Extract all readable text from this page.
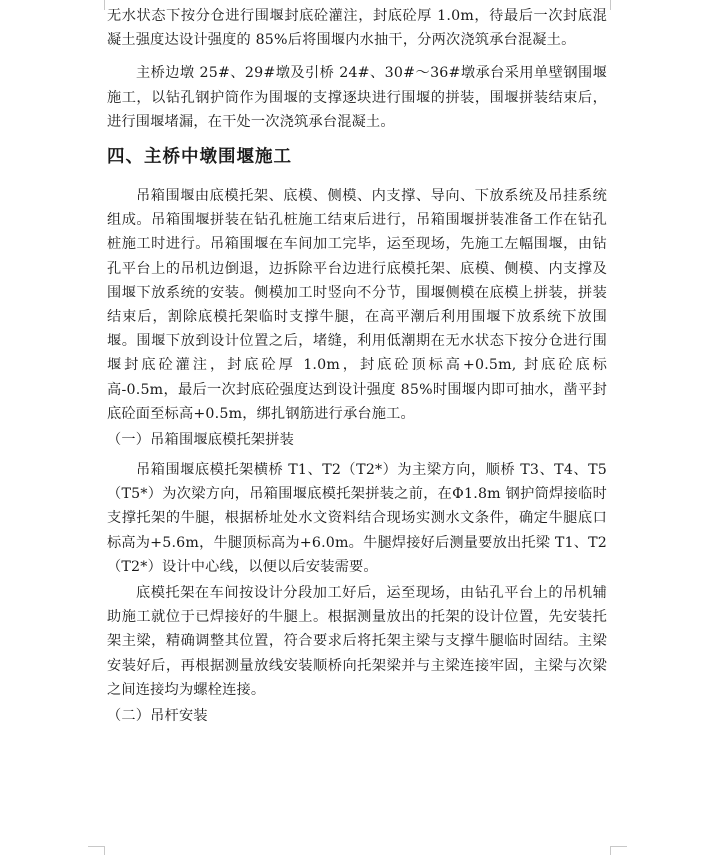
无水状态下按分仓进行围堰封底砼灌注，封底砼厚 1.0m，待最后一次封底混凝土强度达设计强度的 85%后将围堰内水抽干，分两次浇筑承台混凝土。

主桥边墩 25#、29#墩及引桥 24#、30#～36#墩承台采用单壁钢围堰施工，以钻孔钢护筒作为围堰的支撑逐块进行围堰的拼装，围堰拼装结束后，进行围堰堵漏，在干处一次浇筑承台混凝土。

四、主桥中墩围堰施工

吊箱围堰由底模托架、底模、侧模、内支撑、导向、下放系统及吊挂系统组成。吊箱围堰拼装在钻孔桩施工结束后进行，吊箱围堰拼装准备工作在钻孔桩施工时进行。吊箱围堰在车间加工完毕，运至现场，先施工左幅围堰，由钻孔平台上的吊机边倒退，边拆除平台边进行底模托架、底模、侧模、内支撑及围堰下放系统的安装。侧模加工时竖向不分节，围堰侧模在底模上拼装，拼装结束后，割除底模托架临时支撑牛腿，在高平潮后利用围堰下放系统下放围堰。围堰下放到设计位置之后，堵缝，利用低潮期在无水状态下按分仓进行围堰封底砼灌注，封底砼厚 1.0m，封底砼顶标高+0.5m, 封底砼底标高-0.5m，最后一次封底砼强度达到设计强度 85%时围堰内即可抽水，凿平封底砼面至标高+0.5m，绑扎钢筋进行承台施工。

（一）吊箱围堰底模托架拼装

吊箱围堰底模托架横桥 T1、T2（T2*）为主梁方向，顺桥 T3、T4、T5（T5*）为次梁方向，吊箱围堰底模托架拼装之前，在Φ1.8m 钢护筒焊接临时支撑托架的牛腿，根据桥址处水文资料结合现场实测水文条件，确定牛腿底口标高为+5.6m，牛腿顶标高为+6.0m。牛腿焊接好后测量要放出托梁 T1、T2（T2*）设计中心线，以便以后安装需要。

底模托架在车间按设计分段加工好后，运至现场，由钻孔平台上的吊机辅助施工就位于已焊接好的牛腿上。根据测量放出的托架的设计位置，先安装托架主梁，精确调整其位置，符合要求后将托架主梁与支撑牛腿临时固结。主梁安装好后，再根据测量放线安装顺桥向托架梁并与主梁连接牢固，主梁与次梁之间连接均为螺栓连接。

（二）吊杆安装
